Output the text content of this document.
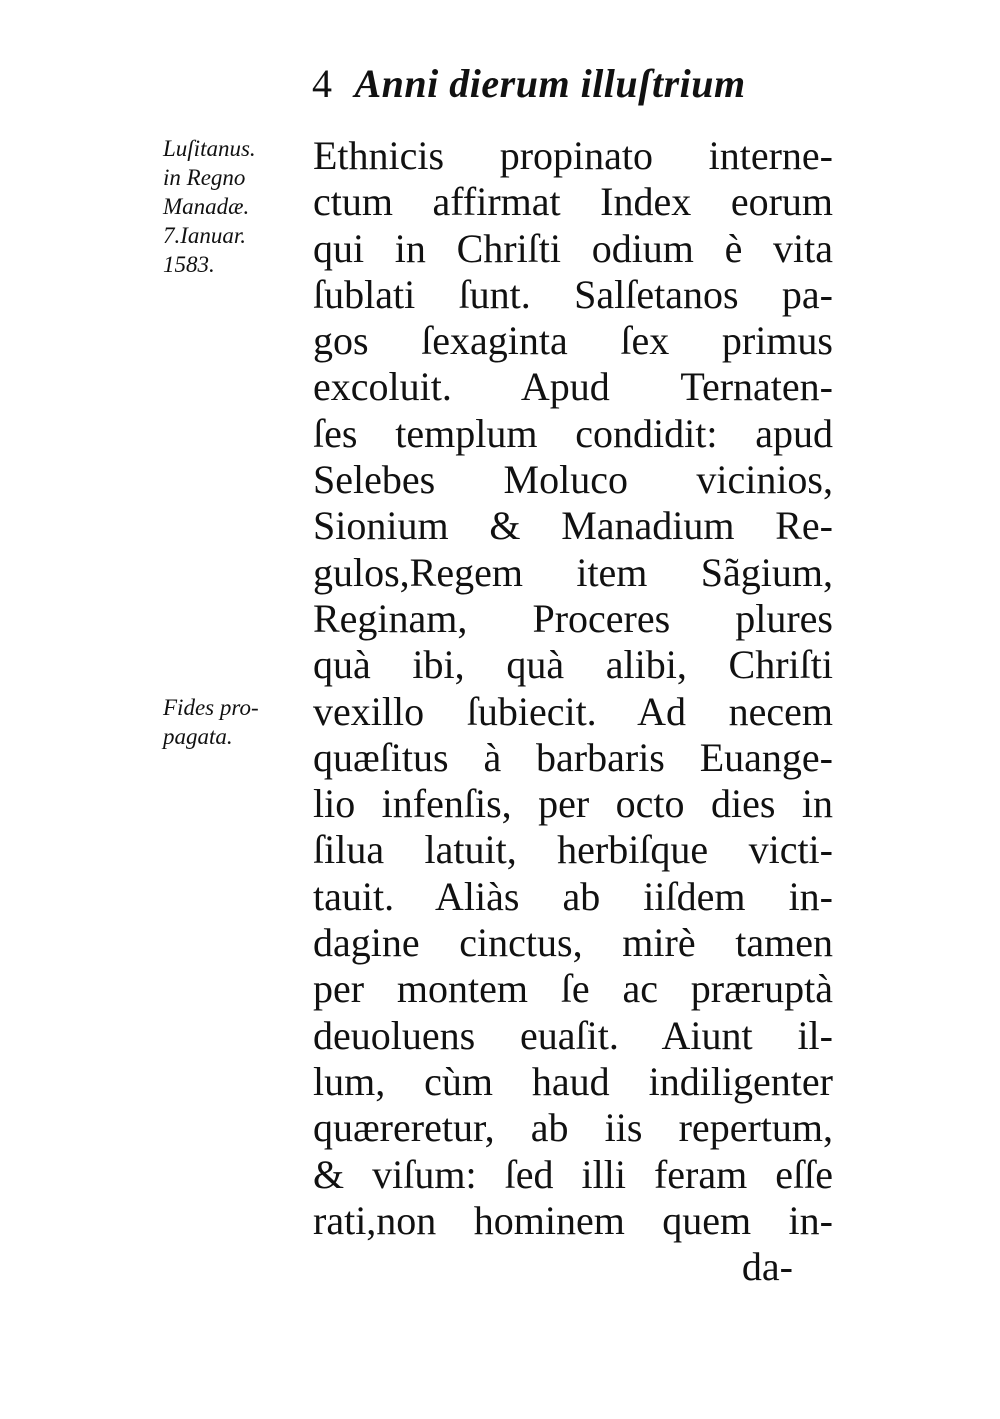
4 Anni dierum illuſtrium
Luſitanus.
in Regno
Manadæ.
7.Ianuar.
1583.
Fides pro-
pagata.
Ethnicis propinato interne-
ctum affirmat Index eorum
qui in Chriſti odium è vita
ſublati ſunt. Salſetanos pa-
gos ſexaginta ſex primus
excoluit. Apud Ternaten-
ſes templum condidit: apud
Selebes Moluco vicinios,
Sionium & Manadium Re-
gulos,Regem item Sãgium,
Reginam, Proceres plures
quà ibi, quà alibi, Chriſti
vexillo ſubiecit. Ad necem
quæſitus à barbaris Euange-
lio infenſis, per octo dies in
ſilua latuit, herbiſque victi-
tauit. Aliàs ab iiſdem in-
dagine cinctus, mirè tamen
per montem ſe ac præruptà
deuoluens euaſit. Aiunt il-
lum, cùm haud indiligenter
quæreretur, ab iis repertum,
& viſum: ſed illi feram eſſe
rati,non hominem quem in-
da-
